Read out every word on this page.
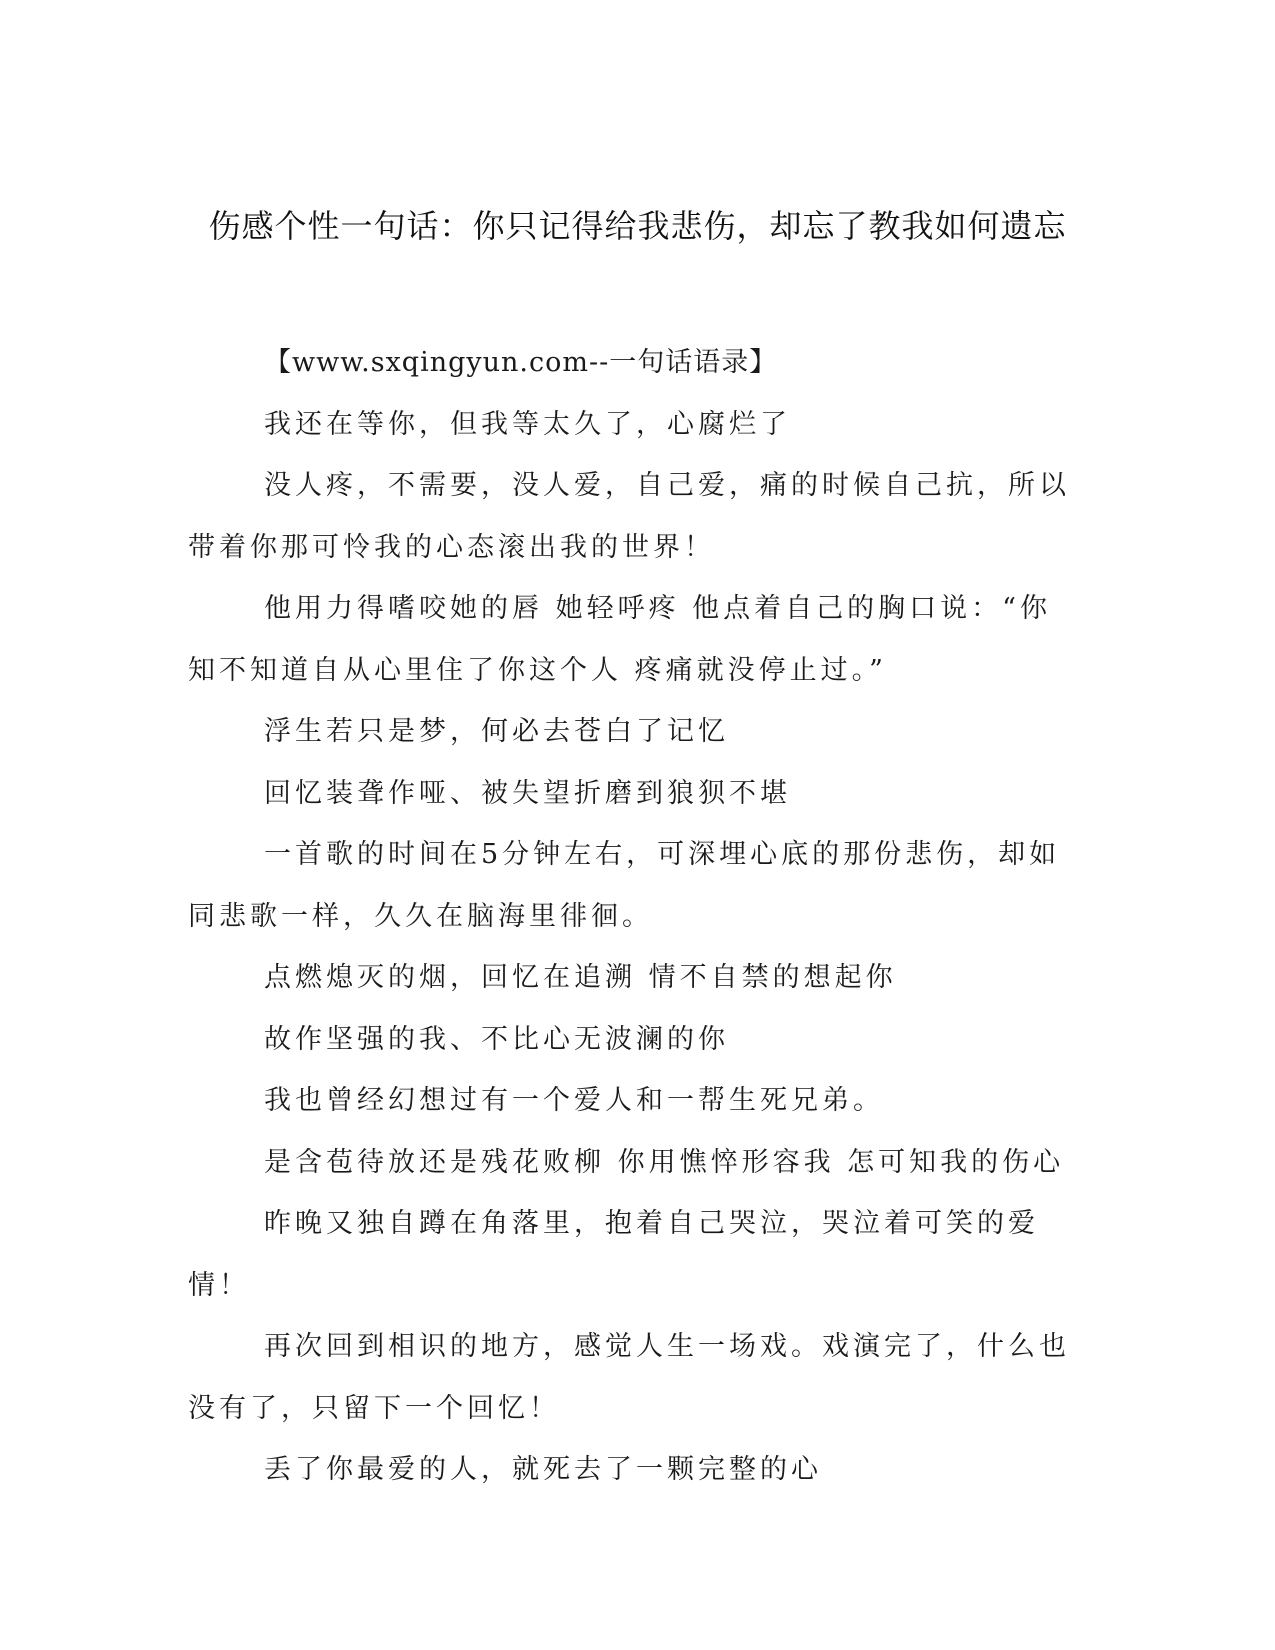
伤感个性一句话：你只记得给我悲伤，却忘了教我如何遗忘

【www.sxqingyun.com--一句话语录】

我还在等你，但我等太久了，心腐烂了

没人疼，不需要，没人爱，自己爱，痛的时候自己抗，所以带着你那可怜我的心态滚出我的世界！

他用力得嗜咬她的唇 她轻呼疼 他点着自己的胸口说：“你知不知道自从心里住了你这个人 疼痛就没停止过。”

浮生若只是梦，何必去苍白了记忆

回忆装聋作哑、被失望折磨到狼狈不堪

一首歌的时间在5分钟左右，可深埋心底的那份悲伤，却如同悲歌一样，久久在脑海里徘徊。

点燃熄灭的烟，回忆在追溯 情不自禁的想起你

故作坚强的我、不比心无波澜的你

我也曾经幻想过有一个爱人和一帮生死兄弟。

是含苞待放还是残花败柳 你用憔悴形容我 怎可知我的伤心

昨晚又独自蹲在角落里，抱着自己哭泣，哭泣着可笑的爱情！

再次回到相识的地方，感觉人生一场戏。戏演完了，什么也没有了，只留下一个回忆！

丢了你最爱的人，就死去了一颗完整的心
